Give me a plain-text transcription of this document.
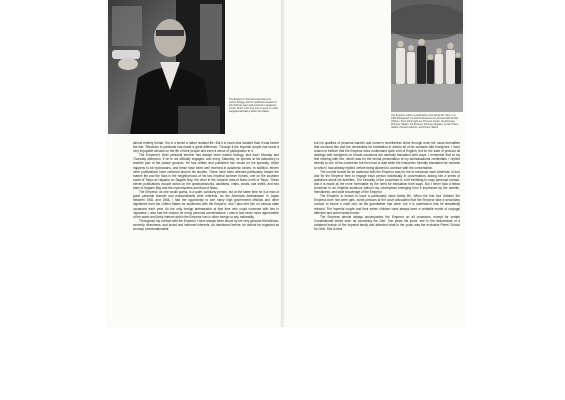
The Emperor's chief personal interest is marine biology, and his published research in this field has been well received in academic circles. Much of his free time is spent in a well-equipped laboratory within the Palace.

almost entirely formal. It is in a sense a rather isolated life. But it is much less isolated than it was before the war. Television in particular has made a great difference. Through it the Imperial couple has found a very enjoyable window on the life of their people and even a sense of participation in it.

The Emperor's chief personal interest has always been marine biology, and each Monday and Thursday afternoon, if he is not officially engaged, and every Saturday, he spends at his laboratory in another part of the palace grounds. He has written and published four books on his specialty, which happens to be hydrozoans, and these have been well received in academic circles. In addition, eleven other publications have centered around his studies. These have been directed particularly toward the marine life and the flora in the neighborhood of his two Imperial summer homes, one on the southern south of Tokyo at Hayama on Sagami Bay, the other in the volcanic area of Nasu north of Tokyo. These eleven publications include works on the opisthobranchia, ascidians, crabs, corals, sea shells, and sea stars of Sagami Bay and the myxomycetes and flora of Nasu.

The Emperor, as one would guess, is a quiet, scholarly person, but at the same time he is a man of great personal warmth and extraordinarily wide interests. As the American Ambassador in Japan between 1961 and 1966, I had the opportunity to see many high government officials and other dignitaries from the United States for audiences with the Emperor, and I also met him on various state occasions each year. As the only foreign ambassador at that time who could converse with him in Japanese, I also had the chance for many personal conversations. I was in fact never more appreciative of the warm and lively interest which the Emperor has in other foreign or any nationality.

Throughout my contact with the Emperor I have always been struck by his very genuine friendliness, sincerity, directness, and broad and informed interests. As mentioned before, he cannot be regarded as an easy conversationalist,

The Emperor makes a particularly close family life. Here, in a 1950 photograph, he and the Empress are pictured with all their children. From left to right are Princess Atsuko, the Empress, Princess Takako, the Emperor, Princess Shigeko, Crown Prince Akihito, Princess Kazuko, and Prince Hitachi.

but his qualities of personal warmth and concern nonetheless shine through even the usual formalities that surround him and the necessities for translation in almost all of his contacts with foreigners. I have reason to believe that the Emperor does understand quite a bit of English, but for the sake of protocol all dealings with foreigners on formal occasions are carefully translated both ways. I remember that at my first meeting with him, which was for the formal presentation of my ambassadorial credentials, I replied directly to one of his comments but then had to wait while the interpreter formally translated his remarks to which I had already replied, before being allowed to continue with the conversation.

The normal format for an audience with the Emperor was for me to introduce each American in turn and for the Emperor then to engage each person individually in conversation, asking him a series of questions about his activities. The formality of the procedure is a bit inhibiting to easy personal contact, and it is made all the more formidable by the need for translation both ways. But I never took a fellow American to an Imperial audience without my countryman emerging from it impressed by the warmth, friendliness, and wide knowledge of the Emperor.

The Emperor is known to have a particularly close family life. When the first four children the Empress bore him were girls, some persons at the court advocated that the Emperor take a secondary consort to insure a male heir, as his grandfather had done, but it is understood that he steadfastly refused. The Imperial couple and their seven children have always been a veritable model of conjugal affection and warm family bonds.

The Empress almost always accompanies the Emperor on all occasions, except for certain Constitutional duties such as convoking the Diet. Two years his junior, she is the descendant of a collateral branch of the Imperial family and attended what in her youth was the exclusive Peers' School for Girls. She is kind
